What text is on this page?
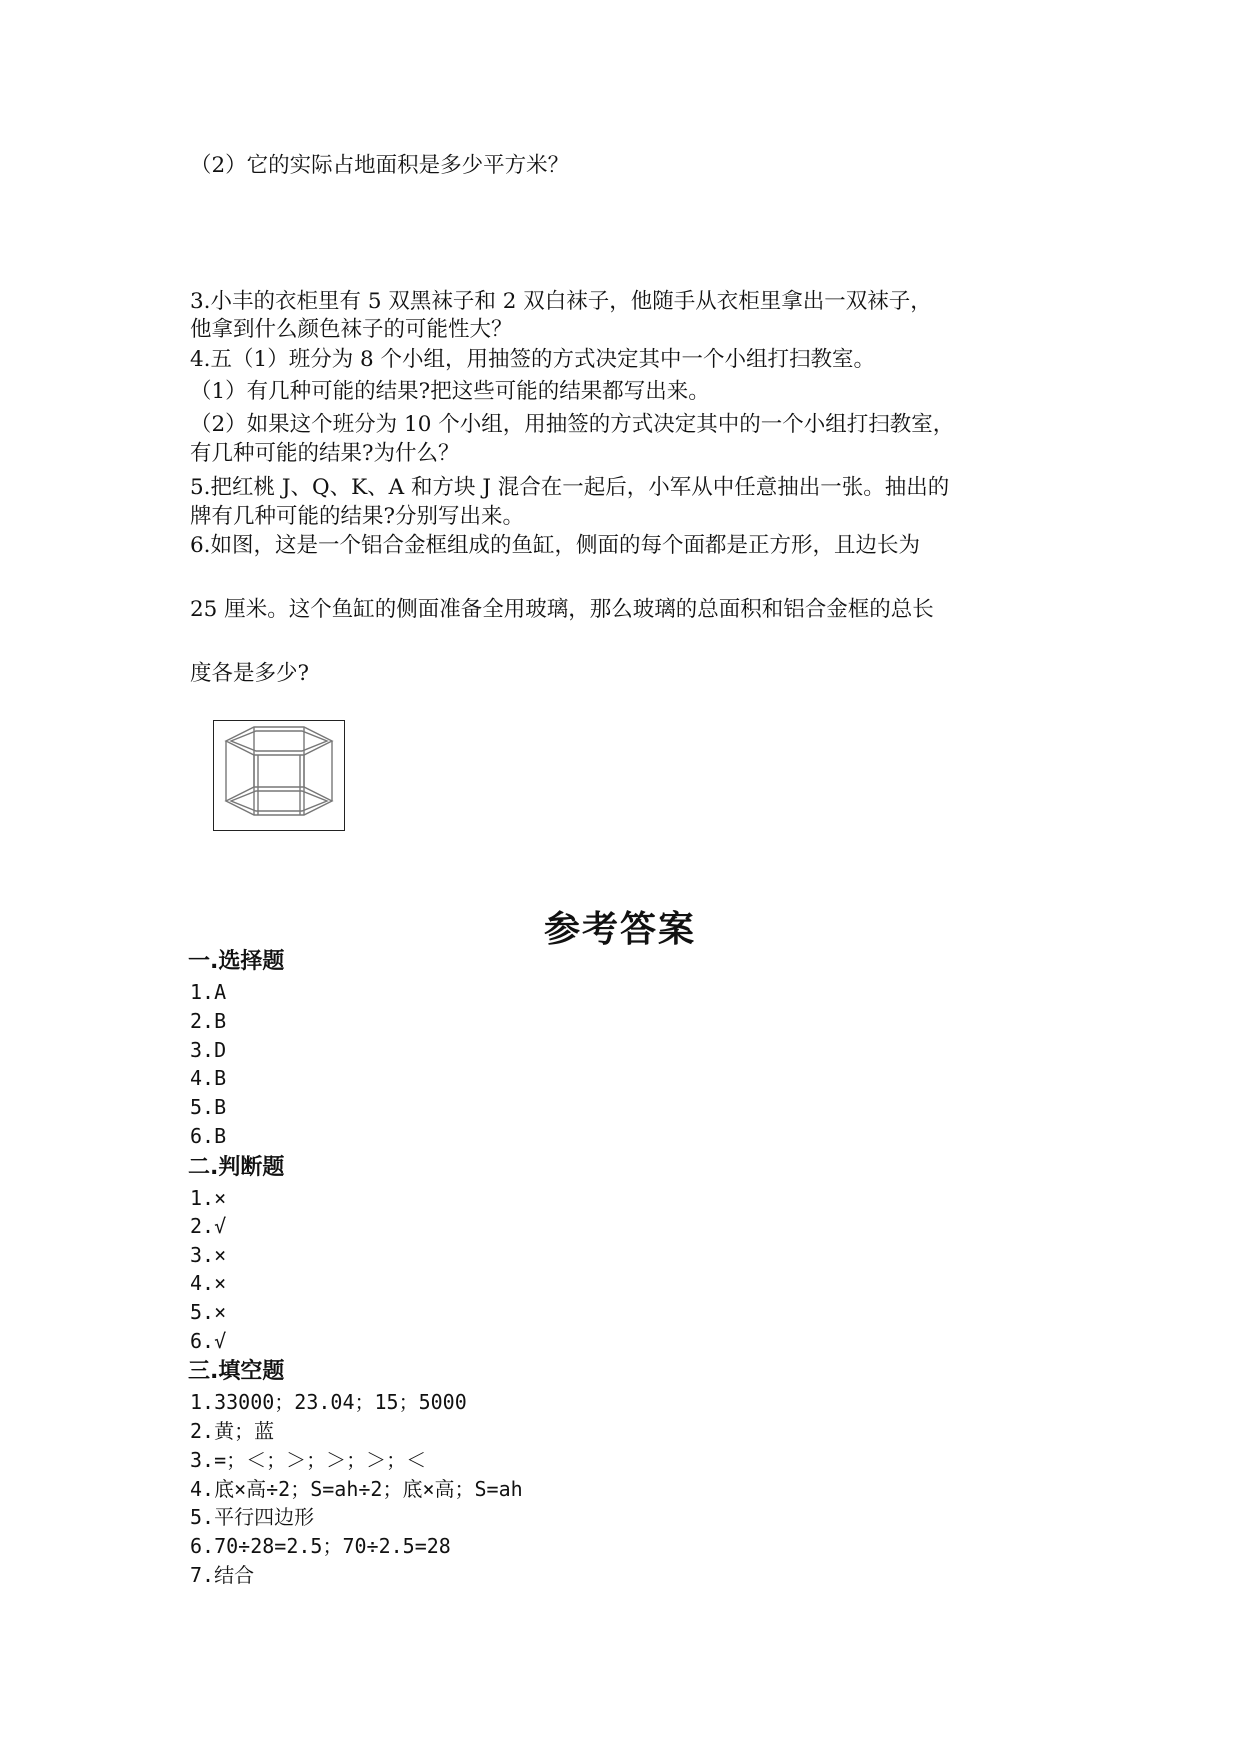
（2）它的实际占地面积是多少平方米？
3.小丰的衣柜里有 5 双黑袜子和 2 双白袜子，他随手从衣柜里拿出一双袜子，
他拿到什么颜色袜子的可能性大？
4.五（1）班分为 8 个小组，用抽签的方式决定其中一个小组打扫教室。
（1）有几种可能的结果?把这些可能的结果都写出来。
（2）如果这个班分为 10 个小组，用抽签的方式决定其中的一个小组打扫教室，
有几种可能的结果?为什么？
5.把红桃 J、Q、K、A 和方块 J 混合在一起后，小军从中任意抽出一张。抽出的
牌有几种可能的结果?分别写出来。
6.如图，这是一个铝合金框组成的鱼缸，侧面的每个面都是正方形，且边长为
25 厘米。这个鱼缸的侧面准备全用玻璃，那么玻璃的总面积和铝合金框的总长
度各是多少?
参考答案
一.选择题
1.A
2.B
3.D
4.B
5.B
6.B
二.判断题
1.×
2.√
3.×
4.×
5.×
6.√
三.填空题
1.33000；23.04；15；5000
2.黄；蓝
3.=；＜；＞；＞；＞；＜
4.底×高÷2；S=ah÷2；底×高；S=ah
5.平行四边形
6.70÷28=2.5；70÷2.5=28
7.结合
